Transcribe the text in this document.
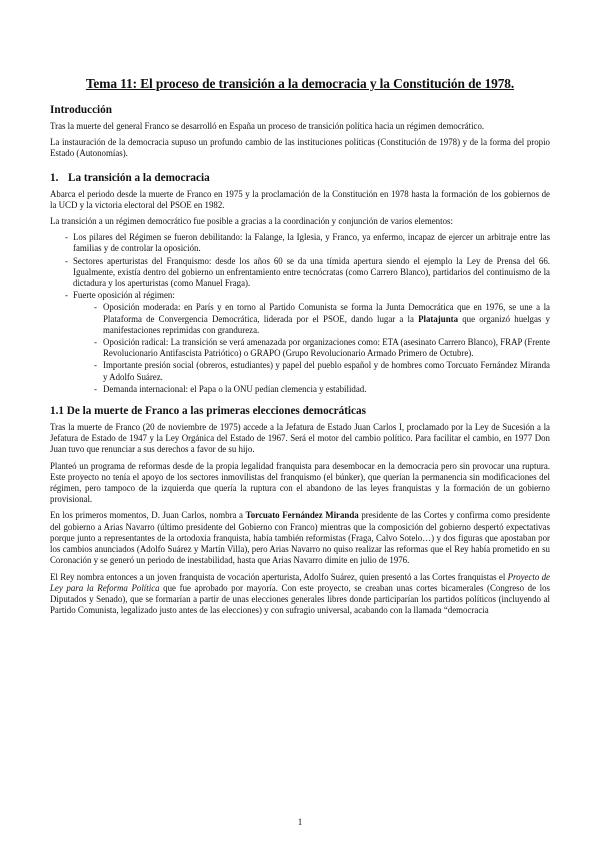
Tema 11: El proceso de transición a la democracia y la Constitución de 1978.
Introducción

Tras la muerte del general Franco se desarrolló en España un proceso de transición política hacia un régimen democrático.

La instauración de la democracia supuso un profundo cambio de las instituciones políticas (Constitución de 1978) y de la forma del propio Estado (Autonomías).

1. La transición a la democracia

Abarca el periodo desde la muerte de Franco en 1975 y la proclamación de la Constitución en 1978 hasta la formación de los gobiernos de la UCD y la victoria electoral del PSOE en 1982.

La transición a un régimen democrático fue posible a gracias a la coordinación y conjunción de varios elementos:

- Los pilares del Régimen se fueron debilitando: la Falange, la Iglesia, y Franco, ya enfermo, incapaz de ejercer un arbitraje entre las familias y de controlar la oposición.
- Sectores aperturistas del Franquismo: desde los años 60 se da una tímida apertura siendo el ejemplo la Ley de Prensa del 66. Igualmente, existía dentro del gobierno un enfrentamiento entre tecnócratas (como Carrero Blanco), partidarios del continuismo de la dictadura y los aperturistas (como Manuel Fraga).
- Fuerte oposición al régimen:
- Oposición moderada: en París y en torno al Partido Comunista se forma la Junta Democrática que en 1976, se une a la Plataforma de Convergencia Democrática, liderada por el PSOE, dando lugar a la Platajunta que organizó huelgas y manifestaciones reprimidas con grandureza.
- Oposición radical: La transición se verá amenazada por organizaciones como: ETA (asesinato Carrero Blanco), FRAP (Frente Revolucionario Antifascista Patriótico) o GRAPO (Grupo Revolucionario Armado Primero de Octubre).
- Importante presión social (obreros, estudiantes) y papel del pueblo español y de hombres como Torcuato Fernández Miranda y Adolfo Suárez.
- Demanda internacional: el Papa o la ONU pedían clemencia y estabilidad.
1.1 De la muerte de Franco a las primeras elecciones democráticas

Tras la muerte de Franco (20 de noviembre de 1975) accede a la Jefatura de Estado Juan Carlos I, proclamado por la Ley de Sucesión a la Jefatura de Estado de 1947 y la Ley Orgánica del Estado de 1967. Será el motor del cambio político. Para facilitar el cambio, en 1977 Don Juan tuvo que renunciar a sus derechos a favor de su hijo.

Planteó un programa de reformas desde de la propia legalidad franquista para desembocar en la democracia pero sin provocar una ruptura. Este proyecto no tenía el apoyo de los sectores inmovilistas del franquismo (el búnker), que querían la permanencia sin modificaciones del régimen, pero tampoco de la izquierda que quería la ruptura con el abandono de las leyes franquistas y la formación de un gobierno provisional.

En los primeros momentos, D. Juan Carlos, nombra a Torcuato Fernández Miranda presidente de las Cortes y confirma como presidente del gobierno a Arias Navarro (último presidente del Gobierno con Franco) mientras que la composición del gobierno despertó expectativas porque junto a representantes de la ortodoxia franquista, había también reformistas (Fraga, Calvo Sotelo…) y dos figuras que apostaban por los cambios anunciados (Adolfo Suárez y Martín Villa), pero Arias Navarro no quiso realizar las reformas que el Rey había prometido en su Coronación y se generó un periodo de inestabilidad, hasta que Arias Navarro dimite en julio de 1976.

El Rey nombra entonces a un joven franquista de vocación aperturista, Adolfo Suárez, quien presentó a las Cortes franquistas el Proyecto de Ley para la Reforma Política que fue aprobado por mayoría. Con este proyecto, se creaban unas cortes bicamerales (Congreso de los Diputados y Senado), que se formarían a partir de unas elecciones generales libres donde participarían los partidos políticos (incluyendo al Partido Comunista, legalizado justo antes de las elecciones) y con sufragio universal, acabando con la llamada “democracia

1
